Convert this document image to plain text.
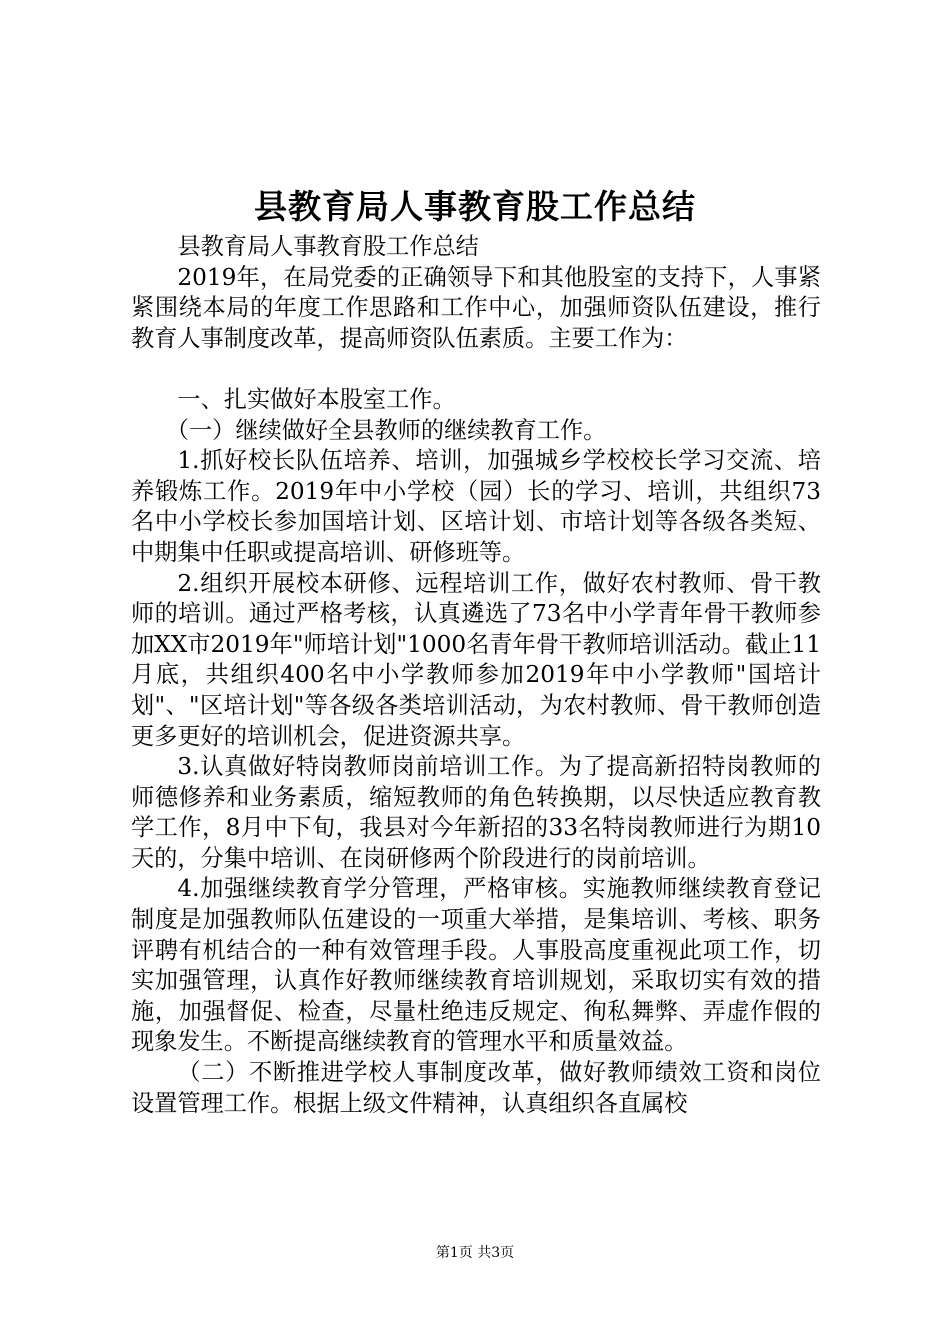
县教育局人事教育股工作总结

县教育局人事教育股工作总结

2019年，在局党委的正确领导下和其他股室的支持下，人事紧紧围绕本局的年度工作思路和工作中心，加强师资队伍建设，推行教育人事制度改革，提高师资队伍素质。主要工作为：

一、扎实做好本股室工作。

（一）继续做好全县教师的继续教育工作。

1.抓好校长队伍培养、培训，加强城乡学校校长学习交流、培养锻炼工作。2019年中小学校（园）长的学习、培训，共组织73名中小学校长参加国培计划、区培计划、市培计划等各级各类短、中期集中任职或提高培训、研修班等。

2.组织开展校本研修、远程培训工作，做好农村教师、骨干教师的培训。通过严格考核，认真遴选了73名中小学青年骨干教师参加XX市2019年"师培计划"1000名青年骨干教师培训活动。截止11月底，共组织400名中小学教师参加2019年中小学教师"国培计划"、"区培计划"等各级各类培训活动，为农村教师、骨干教师创造更多更好的培训机会，促进资源共享。

3.认真做好特岗教师岗前培训工作。为了提高新招特岗教师的师德修养和业务素质，缩短教师的角色转换期，以尽快适应教育教学工作，8月中下旬，我县对今年新招的33名特岗教师进行为期10天的，分集中培训、在岗研修两个阶段进行的岗前培训。

4.加强继续教育学分管理，严格审核。实施教师继续教育登记制度是加强教师队伍建设的一项重大举措，是集培训、考核、职务评聘有机结合的一种有效管理手段。人事股高度重视此项工作，切实加强管理，认真作好教师继续教育培训规划，采取切实有效的措施，加强督促、检查，尽量杜绝违反规定、徇私舞弊、弄虚作假的现象发生。不断提高继续教育的管理水平和质量效益。

（二）不断推进学校人事制度改革，做好教师绩效工资和岗位设置管理工作。根据上级文件精神，认真组织各直属校

第1页 共3页
